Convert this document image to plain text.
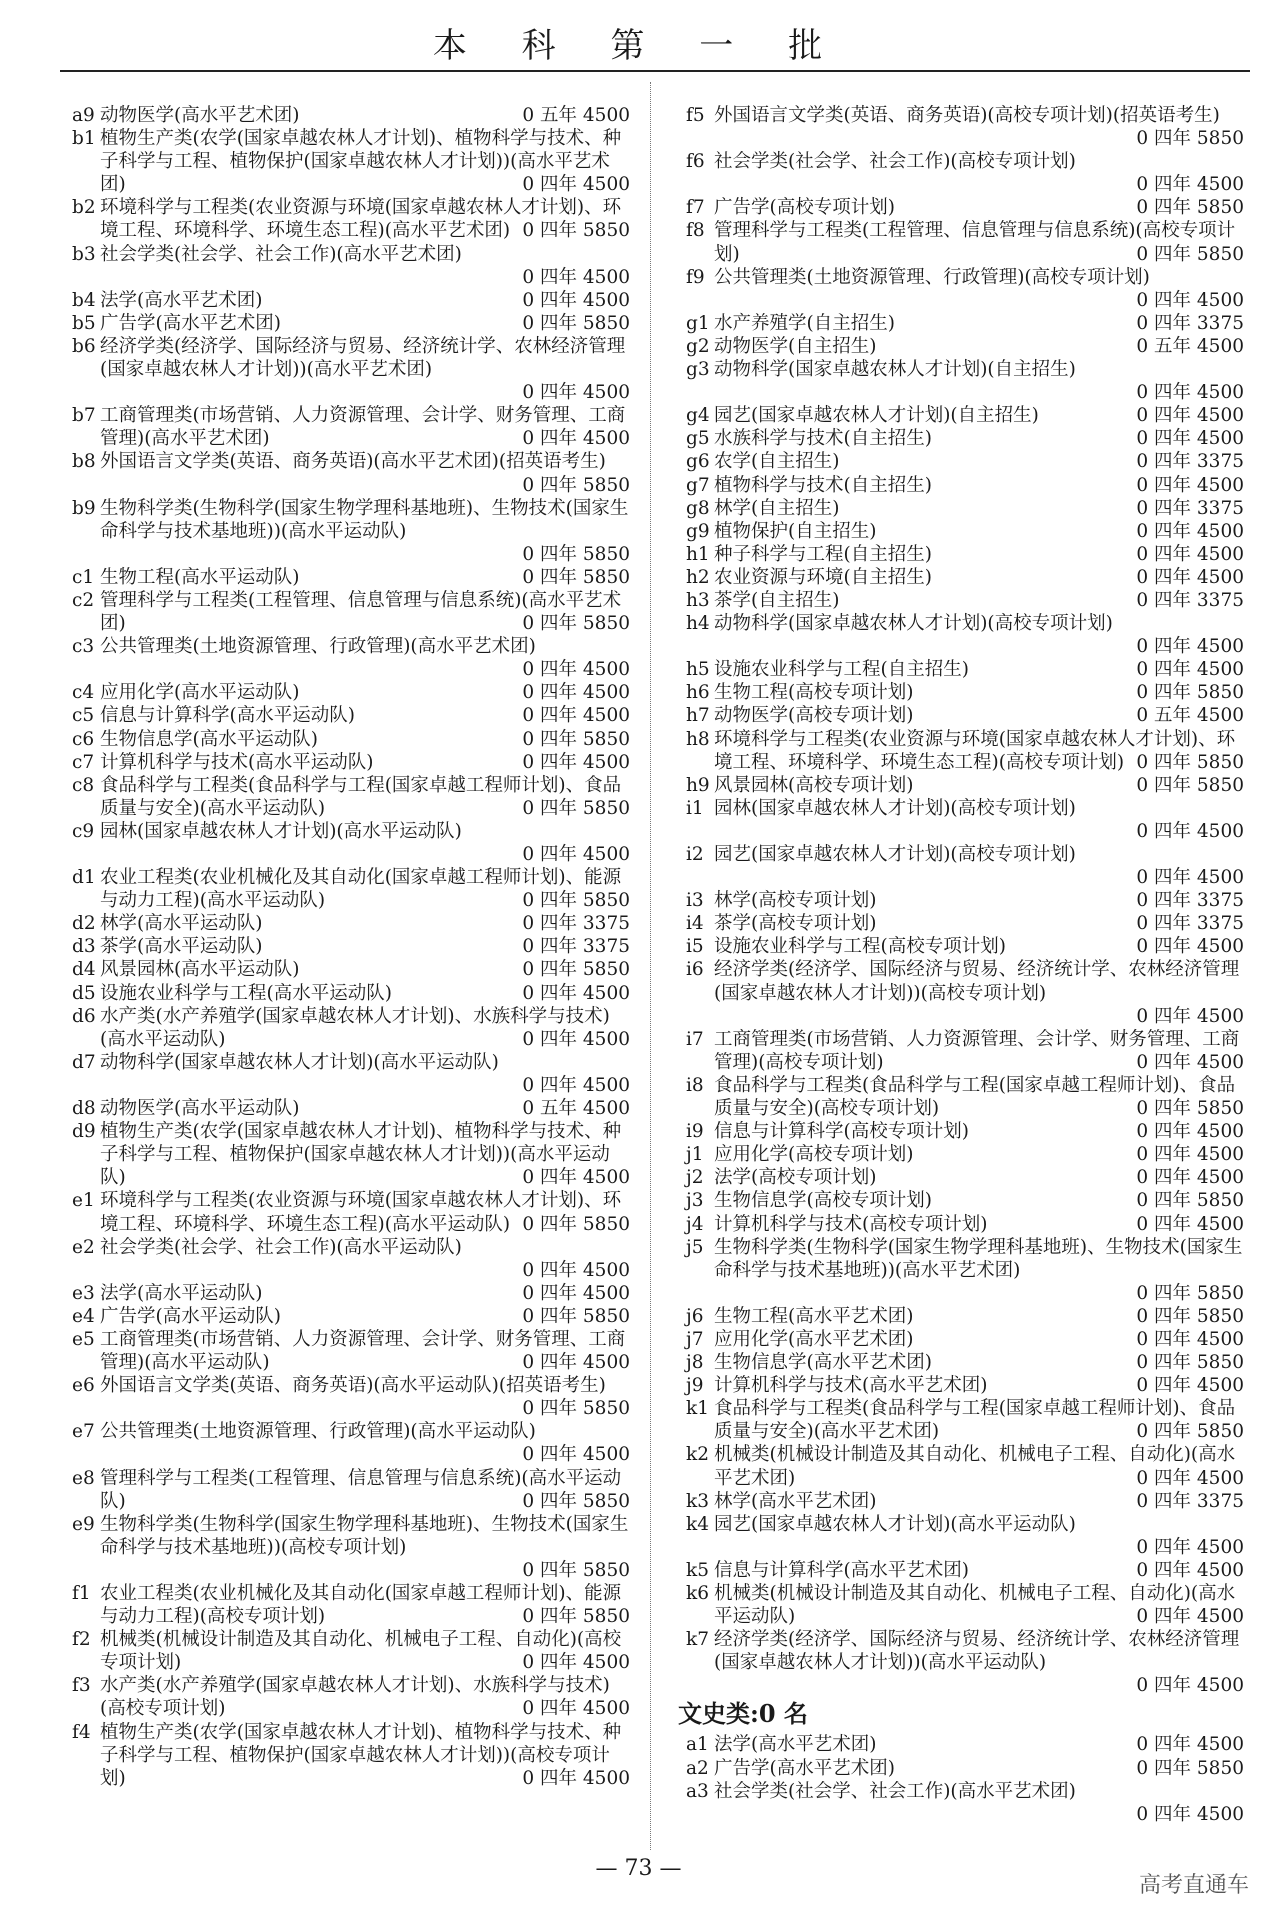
本 科 第 一 批
a9 动物医学(高水平艺术团)	0 五年 4500
b1 植物生产类(农学(国家卓越农林人才计划)、植物科学与技术、种子科学与工程、植物保护(国家卓越农林人才计划))(高水平艺术团)	0 四年 4500
b2 环境科学与工程类(农业资源与环境(国家卓越农林人才计划)、环境工程、环境科学、环境生态工程)(高水平艺术团) 0 四年 5850
b3 社会学类(社会学、社会工作)(高水平艺术团)
0 四年 4500
b4 法学(高水平艺术团)	0 四年 4500
b5 广告学(高水平艺术团)	0 四年 5850
b6 经济学类(经济学、国际经济与贸易、经济统计学、农林经济管理(国家卓越农林人才计划))(高水平艺术团)
0 四年 4500
b7 工商管理类(市场营销、人力资源管理、会计学、财务管理、工商管理)(高水平艺术团)	0 四年 4500
b8 外国语言文学类(英语、商务英语)(高水平艺术团)(招英语考生)
0 四年 5850
b9 生物科学类(生物科学(国家生物学理科基地班)、生物技术(国家生命科学与技术基地班))(高水平运动队)
0 四年 5850
c1 生物工程(高水平运动队)	0 四年 5850
c2 管理科学与工程类(工程管理、信息管理与信息系统)(高水平艺术团)	0 四年 5850
c3 公共管理类(土地资源管理、行政管理)(高水平艺术团)
0 四年 4500
c4 应用化学(高水平运动队)	0 四年 4500
c5 信息与计算科学(高水平运动队)	0 四年 4500
c6 生物信息学(高水平运动队)	0 四年 5850
c7 计算机科学与技术(高水平运动队)	0 四年 4500
c8 食品科学与工程类(食品科学与工程(国家卓越工程师计划)、食品质量与安全)(高水平运动队)	0 四年 5850
c9 园林(国家卓越农林人才计划)(高水平运动队)
0 四年 4500
d1 农业工程类(农业机械化及其自动化(国家卓越工程师计划)、能源与动力工程)(高水平运动队)	0 四年 5850
d2 林学(高水平运动队)	0 四年 3375
d3 茶学(高水平运动队)	0 四年 3375
d4 风景园林(高水平运动队)	0 四年 5850
d5 设施农业科学与工程(高水平运动队)	0 四年 4500
d6 水产类(水产养殖学(国家卓越农林人才计划)、水族科学与技术)(高水平运动队)	0 四年 4500
d7 动物科学(国家卓越农林人才计划)(高水平运动队)
0 四年 4500
d8 动物医学(高水平运动队)	0 五年 4500
d9 植物生产类(农学(国家卓越农林人才计划)、植物科学与技术、种子科学与工程、植物保护(国家卓越农林人才计划))(高水平运动队)	0 四年 4500
e1 环境科学与工程类(农业资源与环境(国家卓越农林人才计划)、环境工程、环境科学、环境生态工程)(高水平运动队) 0 四年 5850
e2 社会学类(社会学、社会工作)(高水平运动队)
0 四年 4500
e3 法学(高水平运动队)	0 四年 4500
e4 广告学(高水平运动队)	0 四年 5850
e5 工商管理类(市场营销、人力资源管理、会计学、财务管理、工商管理)(高水平运动队)	0 四年 4500
e6 外国语言文学类(英语、商务英语)(高水平运动队)(招英语考生)
0 四年 5850
e7 公共管理类(土地资源管理、行政管理)(高水平运动队)
0 四年 4500
e8 管理科学与工程类(工程管理、信息管理与信息系统)(高水平运动队)	0 四年 5850
e9 生物科学类(生物科学(国家生物学理科基地班)、生物技术(国家生命科学与技术基地班))(高校专项计划)
0 四年 5850
f1 农业工程类(农业机械化及其自动化(国家卓越工程师计划)、能源与动力工程)(高校专项计划)	0 四年 5850
f2 机械类(机械设计制造及其自动化、机械电子工程、自动化)(高校专项计划)	0 四年 4500
f3 水产类(水产养殖学(国家卓越农林人才计划)、水族科学与技术)(高校专项计划)	0 四年 4500
f4 植物生产类(农学(国家卓越农林人才计划)、植物科学与技术、种子科学与工程、植物保护(国家卓越农林人才计划))(高校专项计划)	0 四年 4500
f5 外国语言文学类(英语、商务英语)(高校专项计划)(招英语考生)
0 四年 5850
f6 社会学类(社会学、社会工作)(高校专项计划)
0 四年 4500
f7 广告学(高校专项计划)	0 四年 5850
f8 管理科学与工程类(工程管理、信息管理与信息系统)(高校专项计划)	0 四年 5850
f9 公共管理类(土地资源管理、行政管理)(高校专项计划)
0 四年 4500
g1 水产养殖学(自主招生)	0 四年 3375
g2 动物医学(自主招生)	0 五年 4500
g3 动物科学(国家卓越农林人才计划)(自主招生)
0 四年 4500
g4 园艺(国家卓越农林人才计划)(自主招生)	0 四年 4500
g5 水族科学与技术(自主招生)	0 四年 4500
g6 农学(自主招生)	0 四年 3375
g7 植物科学与技术(自主招生)	0 四年 4500
g8 林学(自主招生)	0 四年 3375
g9 植物保护(自主招生)	0 四年 4500
h1 种子科学与工程(自主招生)	0 四年 4500
h2 农业资源与环境(自主招生)	0 四年 4500
h3 茶学(自主招生)	0 四年 3375
h4 动物科学(国家卓越农林人才计划)(高校专项计划)
0 四年 4500
h5 设施农业科学与工程(自主招生)	0 四年 4500
h6 生物工程(高校专项计划)	0 四年 5850
h7 动物医学(高校专项计划)	0 五年 4500
h8 环境科学与工程类(农业资源与环境(国家卓越农林人才计划)、环境工程、环境科学、环境生态工程)(高校专项计划) 0 四年 5850
h9 风景园林(高校专项计划)	0 四年 5850
i1 园林(国家卓越农林人才计划)(高校专项计划)
0 四年 4500
i2 园艺(国家卓越农林人才计划)(高校专项计划)
0 四年 4500
i3 林学(高校专项计划)	0 四年 3375
i4 茶学(高校专项计划)	0 四年 3375
i5 设施农业科学与工程(高校专项计划)	0 四年 4500
i6 经济学类(经济学、国际经济与贸易、经济统计学、农林经济管理(国家卓越农林人才计划))(高校专项计划)
0 四年 4500
i7 工商管理类(市场营销、人力资源管理、会计学、财务管理、工商管理)(高校专项计划)	0 四年 4500
i8 食品科学与工程类(食品科学与工程(国家卓越工程师计划)、食品质量与安全)(高校专项计划)	0 四年 5850
i9 信息与计算科学(高校专项计划)	0 四年 4500
j1 应用化学(高校专项计划)	0 四年 4500
j2 法学(高校专项计划)	0 四年 4500
j3 生物信息学(高校专项计划)	0 四年 5850
j4 计算机科学与技术(高校专项计划)	0 四年 4500
j5 生物科学类(生物科学(国家生物学理科基地班)、生物技术(国家生命科学与技术基地班))(高水平艺术团)
0 四年 5850
j6 生物工程(高水平艺术团)	0 四年 5850
j7 应用化学(高水平艺术团)	0 四年 4500
j8 生物信息学(高水平艺术团)	0 四年 5850
j9 计算机科学与技术(高水平艺术团)	0 四年 4500
k1 食品科学与工程类(食品科学与工程(国家卓越工程师计划)、食品质量与安全)(高水平艺术团)	0 四年 5850
k2 机械类(机械设计制造及其自动化、机械电子工程、自动化)(高水平艺术团)	0 四年 4500
k3 林学(高水平艺术团)	0 四年 3375
k4 园艺(国家卓越农林人才计划)(高水平运动队)
0 四年 4500
k5 信息与计算科学(高水平艺术团)	0 四年 4500
k6 机械类(机械设计制造及其自动化、机械电子工程、自动化)(高水平运动队)	0 四年 4500
k7 经济学类(经济学、国际经济与贸易、经济统计学、农林经济管理(国家卓越农林人才计划))(高水平运动队)
0 四年 4500
文史类:0 名
a1 法学(高水平艺术团)	0 四年 4500
a2 广告学(高水平艺术团)	0 四年 5850
a3 社会学类(社会学、社会工作)(高水平艺术团)
0 四年 4500
— 73 —
高考直通车
